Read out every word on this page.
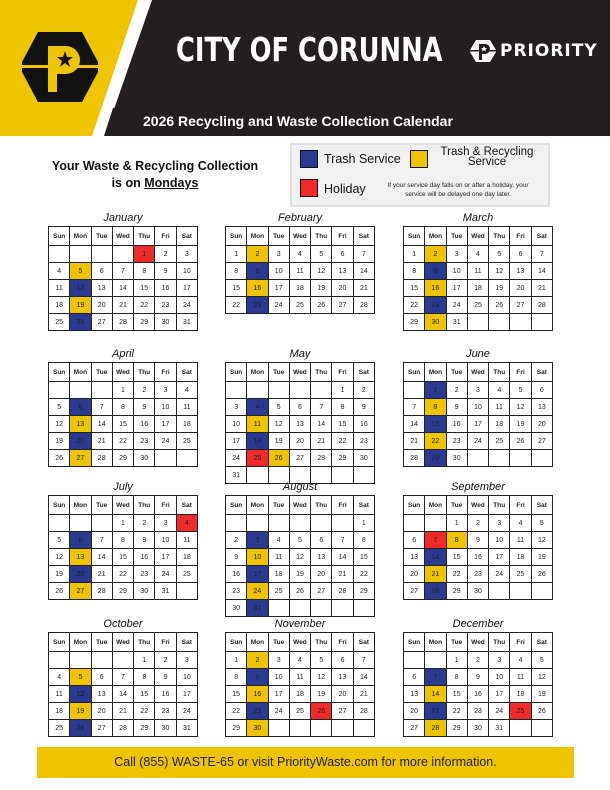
CITY OF CORUNNA	PRIORITY
2026 Recycling and Waste Collection Calendar
Your Waste & Recycling Collection
is on Mondays
Trash Service	Trash & Recycling Service
Holiday	If your service day falls on or after a holiday, your service will be delayed one day later.
January
Sun	Mon	Tue	Wed	Thu	Fri	Sat
				1	2	3
4	5	6	7	8	9	10
11	12	13	14	15	16	17
18	19	20	21	22	23	24
25	26	27	28	29	30	31
February
Sun	Mon	Tue	Wed	Thu	Fri	Sat
1	2	3	4	5	6	7
8	9	10	11	12	13	14
15	16	17	18	19	20	21
22	23	24	25	26	27	28
March
Sun	Mon	Tue	Wed	Thu	Fri	Sat
1	2	3	4	5	6	7
8	9	10	11	12	13	14
15	16	17	18	19	20	21
22	23	24	25	26	27	28
29	30	31				
April
Sun	Mon	Tue	Wed	Thu	Fri	Sat
			1	2	3	4
5	6	7	8	9	10	11
12	13	14	15	16	17	18
19	20	21	22	23	24	25
26	27	28	29	30		
May
Sun	Mon	Tue	Wed	Thu	Fri	Sat
					1	2
3	4	5	6	7	8	9
10	11	12	13	14	15	16
17	18	19	20	21	22	23
24	25	26	27	28	29	30
31						
June
Sun	Mon	Tue	Wed	Thu	Fri	Sat
	1	2	3	4	5	6
7	8	9	10	11	12	13
14	15	16	17	18	19	20
21	22	23	24	25	26	27
28	29	30				
July
Sun	Mon	Tue	Wed	Thu	Fri	Sat
			1	2	3	4
5	6	7	8	9	10	11
12	13	14	15	16	17	18
19	20	21	22	23	24	25
26	27	28	29	30	31	
August
Sun	Mon	Tue	Wed	Thu	Fri	Sat
						1
2	3	4	5	6	7	8
9	10	11	12	13	14	15
16	17	18	19	20	21	22
23	24	25	26	27	28	29
30	31					
September
Sun	Mon	Tue	Wed	Thu	Fri	Sat
		1	2	3	4	5
6	7	8	9	10	11	12
13	14	15	16	17	18	19
20	21	22	23	24	25	26
27	28	29	30			
October
Sun	Mon	Tue	Wed	Thu	Fri	Sat
				1	2	3
4	5	6	7	8	9	10
11	12	13	14	15	16	17
18	19	20	21	22	23	24
25	26	27	28	29	30	31
November
Sun	Mon	Tue	Wed	Thu	Fri	Sat
1	2	3	4	5	6	7
8	9	10	11	12	13	14
15	16	17	18	19	20	21
22	23	24	25	26	27	28
29	30					
December
Sun	Mon	Tue	Wed	Thu	Fri	Sat
		1	2	3	4	5
6	7	8	9	10	11	12
13	14	15	16	17	18	19
20	21	22	23	24	25	26
27	28	29	30	31		
Call (855) WASTE-65 or visit PriorityWaste.com for more information.
